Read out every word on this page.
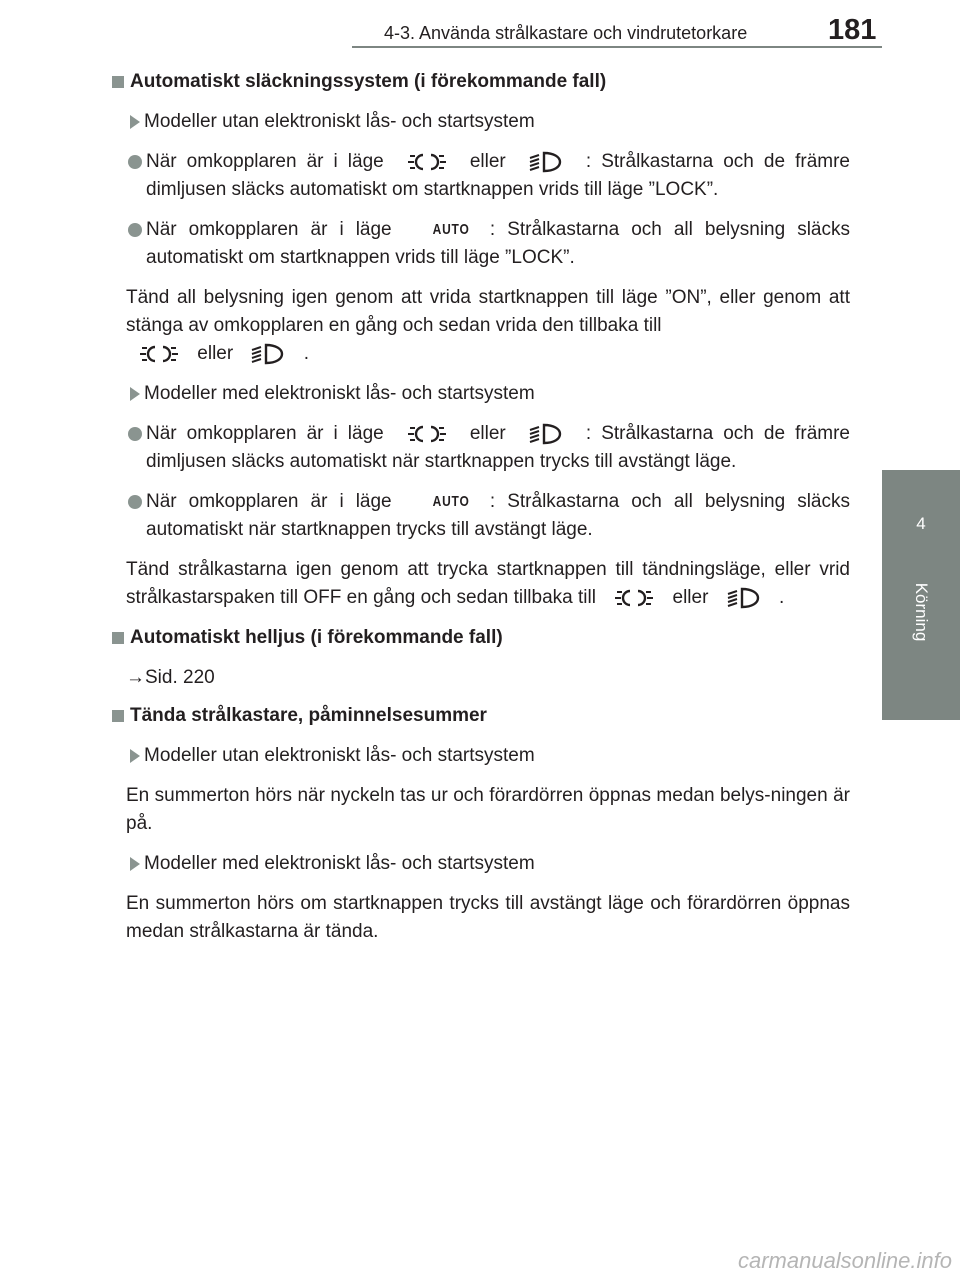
4-3. Använda strålkastare och vindrutetorkare	181
4
Körning
Automatiskt släckningssystem (i förekommande fall)
Modeller utan elektroniskt lås- och startsystem
När omkopplaren är i läge	eller	: Strålkastarna och de främre dimljusen släcks automatiskt om startknappen vrids till läge ”LOCK”.
När omkopplaren är i läge	AUTO : Strålkastarna och all belysning släcks automatiskt om startknappen vrids till läge ”LOCK”.
Tänd all belysning igen genom att vrida startknappen till läge ”ON”, eller genom att stänga av omkopplaren en gång och sedan vrida den tillbaka till
eller	.
Modeller med elektroniskt lås- och startsystem
När omkopplaren är i läge	eller	: Strålkastarna och de främre dimljusen släcks automatiskt när startknappen trycks till avstängt läge.
När omkopplaren är i läge	AUTO : Strålkastarna och all belysning släcks automatiskt när startknappen trycks till avstängt läge.
Tänd strålkastarna igen genom att trycka startknappen till tändningsläge, eller vrid strålkastarspaken till OFF en gång och sedan tillbaka till	eller	.
Automatiskt helljus (i förekommande fall)
→Sid. 220
Tända strålkastare, påminnelsesummer
Modeller utan elektroniskt lås- och startsystem
En summerton hörs när nyckeln tas ur och förardörren öppnas medan belys-ningen är på.
Modeller med elektroniskt lås- och startsystem
En summerton hörs om startknappen trycks till avstängt läge och förardörren öppnas medan strålkastarna är tända.
carmanualsonline.info
